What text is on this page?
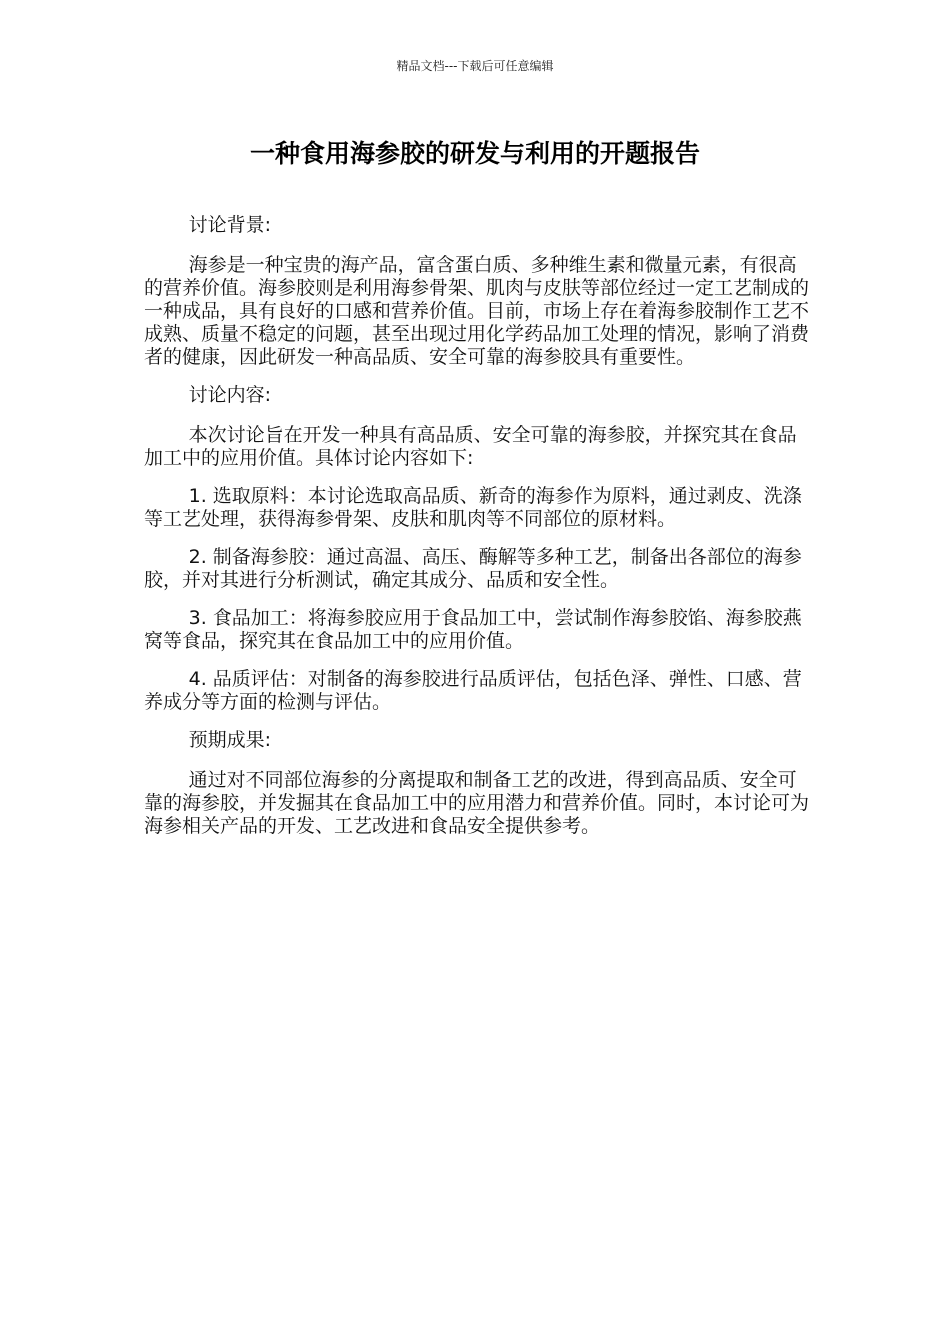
精品文档---下载后可任意编辑
一种食用海参胶的研发与利用的开题报告

讨论背景:

海参是一种宝贵的海产品，富含蛋白质、多种维生素和微量元素，有很高的营养价值。海参胶则是利用海参骨架、肌肉与皮肤等部位经过一定工艺制成的一种成品，具有良好的口感和营养价值。目前，市场上存在着海参胶制作工艺不成熟、质量不稳定的问题，甚至出现过用化学药品加工处理的情况，影响了消费者的健康，因此研发一种高品质、安全可靠的海参胶具有重要性。

讨论内容:

本次讨论旨在开发一种具有高品质、安全可靠的海参胶，并探究其在食品加工中的应用价值。具体讨论内容如下:

1. 选取原料：本讨论选取高品质、新奇的海参作为原料，通过剥皮、洗涤等工艺处理，获得海参骨架、皮肤和肌肉等不同部位的原材料。

2. 制备海参胶：通过高温、高压、酶解等多种工艺，制备出各部位的海参胶，并对其进行分析测试，确定其成分、品质和安全性。

3. 食品加工：将海参胶应用于食品加工中，尝试制作海参胶馅、海参胶燕窝等食品，探究其在食品加工中的应用价值。

4. 品质评估：对制备的海参胶进行品质评估，包括色泽、弹性、口感、营养成分等方面的检测与评估。

预期成果:

通过对不同部位海参的分离提取和制备工艺的改进，得到高品质、安全可靠的海参胶，并发掘其在食品加工中的应用潜力和营养价值。同时，本讨论可为海参相关产品的开发、工艺改进和食品安全提供参考。
